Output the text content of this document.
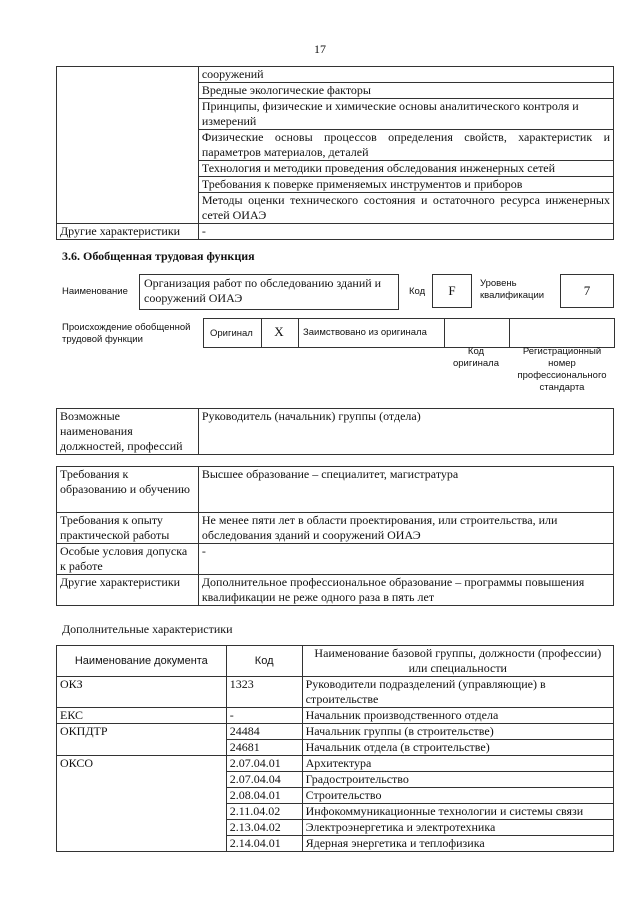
17
	сооружений
	Вредные экологические факторы
	Принципы, физические и химические основы аналитического контроля и измерений
	Физические основы процессов определения свойств, характеристик и параметров материалов, деталей
	Технология и методики проведения обследования инженерных сетей
	Требования к поверке применяемых инструментов и приборов
	Методы оценки технического состояния и остаточного ресурса инженерных сетей ОИАЭ
Другие характеристики	-
3.6. Обобщенная трудовая функция
Наименование
Организация работ по обследованию зданий и сооружений ОИАЭ	Код	F	Уровень квалификации	7
Происхождение обобщенной трудовой функции
Оригинал	X	Заимствовано из оригинала
Код оригинала
Регистрационный номер профессионального стандарта
Возможные наименования должностей, профессий	Руководитель (начальник) группы (отдела)
Требования к образованию и обучению	Высшее образование – специалитет, магистратура
Требования к опыту практической работы	Не менее пяти лет в области проектирования, или строительства, или обследования зданий и сооружений ОИАЭ
Особые условия допуска к работе	-
Другие характеристики	Дополнительное профессиональное образование – программы повышения квалификации не реже одного раза в пять лет
Дополнительные характеристики
Наименование документа	Код	Наименование базовой группы, должности (профессии) или специальности
ОКЗ	1323	Руководители подразделений (управляющие) в строительстве
ЕКС	-	Начальник производственного отдела
ОКПДТР	24484	Начальник группы (в строительстве)
	24681	Начальник отдела (в строительстве)
ОКСО	2.07.04.01	Архитектура
	2.07.04.04	Градостроительство
	2.08.04.01	Строительство
	2.11.04.02	Инфокоммуникационные технологии и системы связи
	2.13.04.02	Электроэнергетика и электротехника
	2.14.04.01	Ядерная энергетика и теплофизика
